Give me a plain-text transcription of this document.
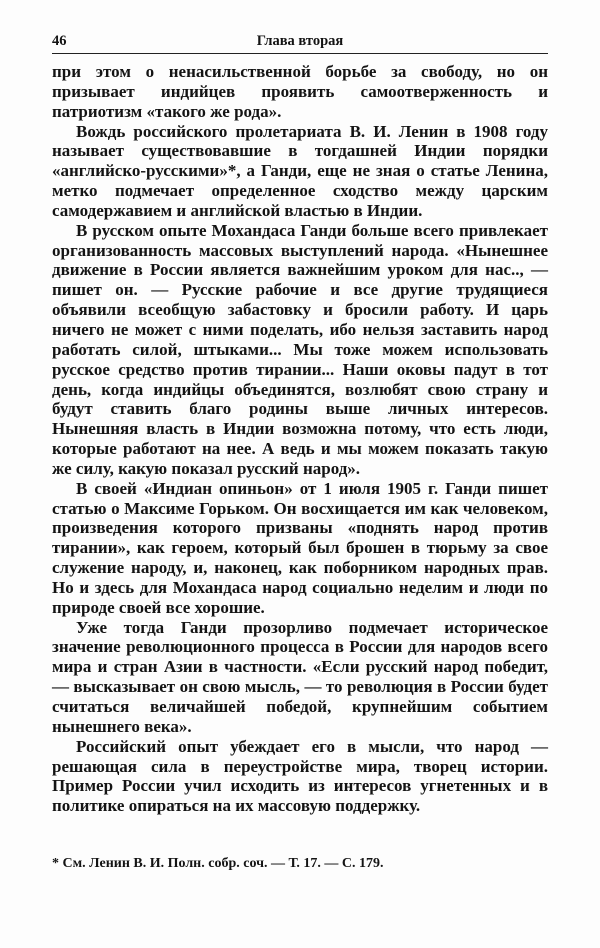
46	Глава вторая

при этом о ненасильственной борьбе за свободу, но он призывает индийцев проявить самоотверженность и патриотизм «такого же рода».

Вождь российского пролетариата В. И. Ленин в 1908 году называет существовавшие в тогдашней Индии порядки «английско-русскими»*, а Ганди, еще не зная о статье Ленина, метко подмечает определенное сходство между царским самодержавием и английской властью в Индии.

В русском опыте Мохандаса Ганди больше всего привлекает организованность массовых выступлений народа. «Нынешнее движение в России является важнейшим уроком для нас.., — пишет он. — Русские рабочие и все другие трудящиеся объявили всеобщую забастовку и бросили работу. И царь ничего не может с ними поделать, ибо нельзя заставить народ работать силой, штыками... Мы тоже можем использовать русское средство против тирании... Наши оковы падут в тот день, когда индийцы объединятся, возлюбят свою страну и будут ставить благо родины выше личных интересов. Нынешняя власть в Индии возможна потому, что есть люди, которые работают на нее. А ведь и мы можем показать такую же силу, какую показал русский народ».

В своей «Индиан опиньон» от 1 июля 1905 г. Ганди пишет статью о Максиме Горьком. Он восхищается им как человеком, произведения которого призваны «поднять народ против тирании», как героем, который был брошен в тюрьму за свое служение народу, и, наконец, как поборником народных прав. Но и здесь для Мохандаса народ социально неделим и люди по природе своей все хорошие.

Уже тогда Ганди прозорливо подмечает историческое значение революционного процесса в России для народов всего мира и стран Азии в частности. «Если русский народ победит, — высказывает он свою мысль, — то революция в России будет считаться величайшей победой, крупнейшим событием нынешнего века».

Российский опыт убеждает его в мысли, что народ — решающая сила в переустройстве мира, творец истории. Пример России учил исходить из интересов угнетенных и в политике опираться на их массовую поддержку.

* См. Ленин В. И. Полн. собр. соч. — Т. 17. — С. 179.
